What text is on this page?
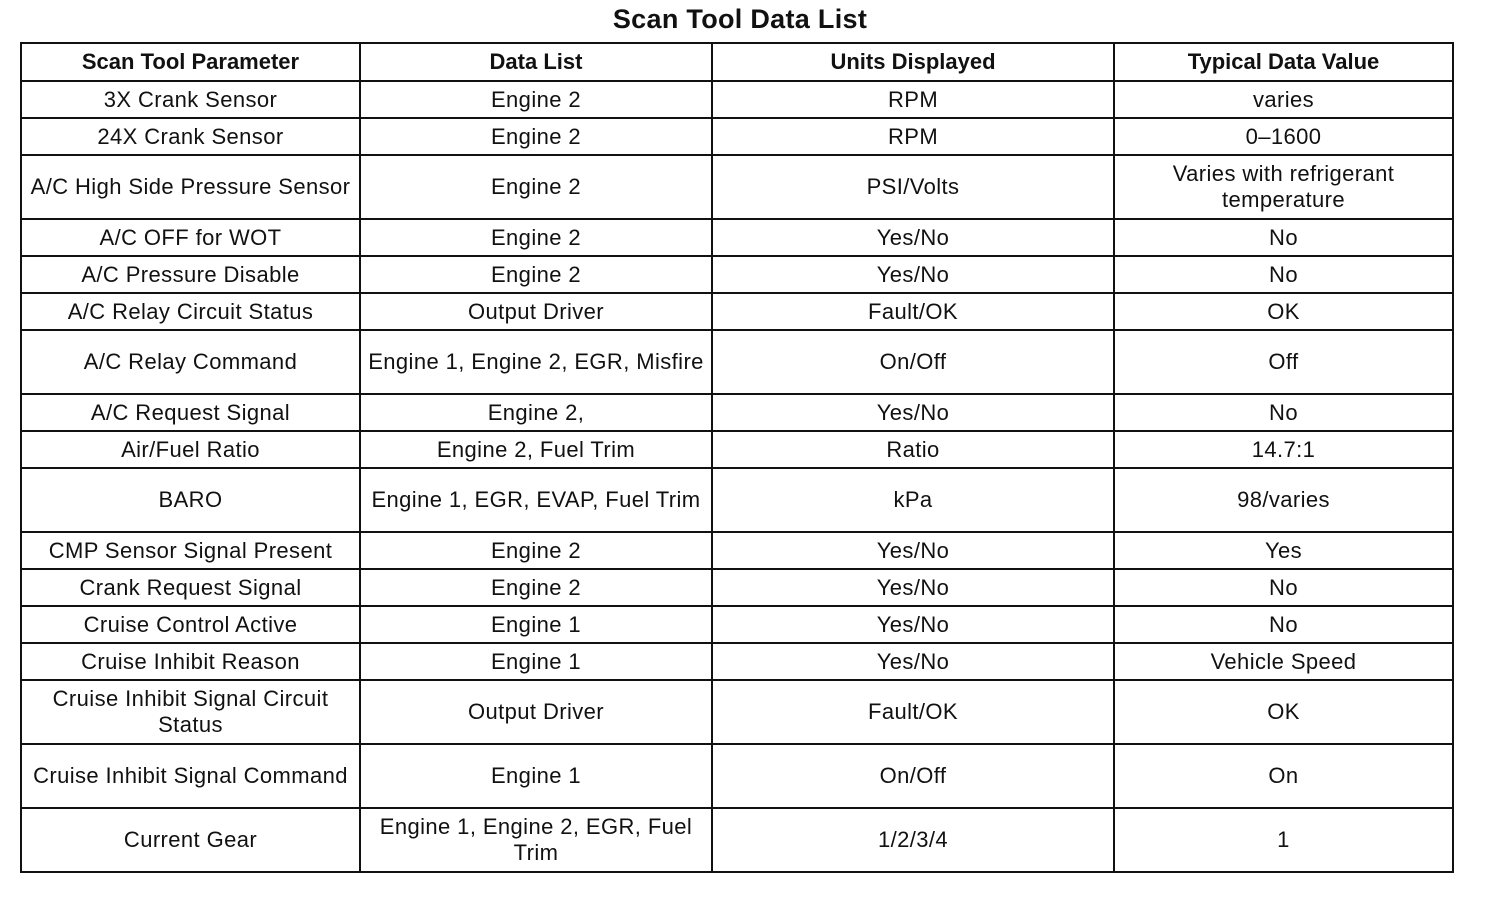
Scan Tool Data List
Scan Tool Parameter	Data List	Units Displayed	Typical Data Value
3X Crank Sensor	Engine 2	RPM	varies
24X Crank Sensor	Engine 2	RPM	0–1600
A/C High Side Pressure Sensor	Engine 2	PSI/Volts	Varies with refrigerant temperature
A/C OFF for WOT	Engine 2	Yes/No	No
A/C Pressure Disable	Engine 2	Yes/No	No
A/C Relay Circuit Status	Output Driver	Fault/OK	OK
A/C Relay Command	Engine 1, Engine 2, EGR, Misfire	On/Off	Off
A/C Request Signal	Engine 2,	Yes/No	No
Air/Fuel Ratio	Engine 2, Fuel Trim	Ratio	14.7:1
BARO	Engine 1, EGR, EVAP, Fuel Trim	kPa	98/varies
CMP Sensor Signal Present	Engine 2	Yes/No	Yes
Crank Request Signal	Engine 2	Yes/No	No
Cruise Control Active	Engine 1	Yes/No	No
Cruise Inhibit Reason	Engine 1	Yes/No	Vehicle Speed
Cruise Inhibit Signal Circuit Status	Output Driver	Fault/OK	OK
Cruise Inhibit Signal Command	Engine 1	On/Off	On
Current Gear	Engine 1, Engine 2, EGR, Fuel Trim	1/2/3/4	1
